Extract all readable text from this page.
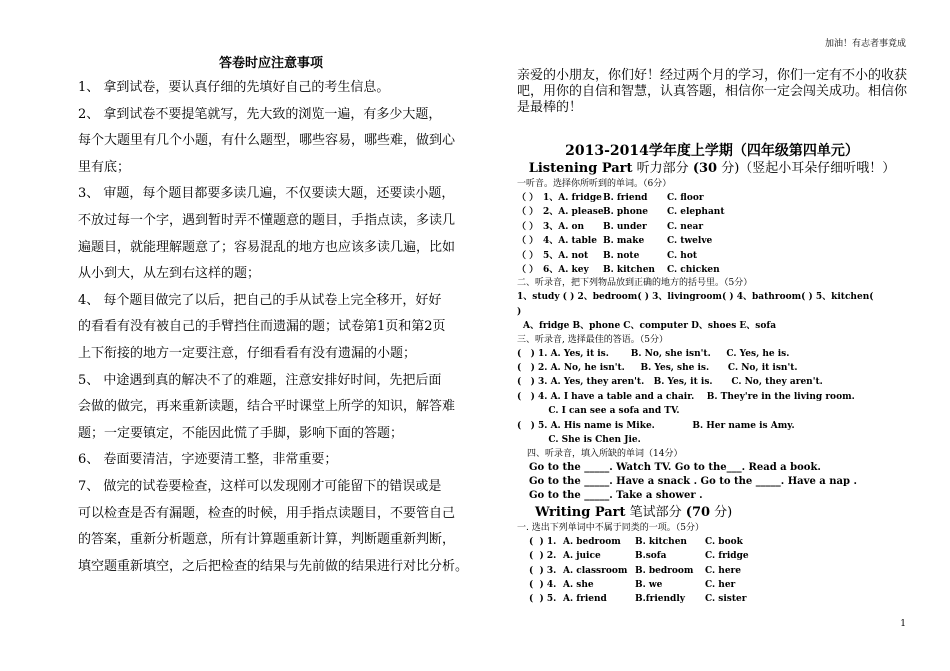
加油！有志者事竟成
1
答卷时应注意事项
1、 拿到试卷，要认真仔细的先填好自己的考生信息。
2、 拿到试卷不要提笔就写，先大致的浏览一遍，有多少大题，
每个大题里有几个小题，有什么题型，哪些容易，哪些难，做到心
里有底；
3、 审题，每个题目都要多读几遍，不仅要读大题，还要读小题，
不放过每一个字，遇到暂时弄不懂题意的题目，手指点读，多读几
遍题目，就能理解题意了；容易混乱的地方也应该多读几遍，比如
从小到大，从左到右这样的题；
4、 每个题目做完了以后，把自己的手从试卷上完全移开，好好
的看看有没有被自己的手臂挡住而遗漏的题；试卷第1页和第2页
上下衔接的地方一定要注意，仔细看看有没有遗漏的小题；
5、 中途遇到真的解决不了的难题，注意安排好时间，先把后面
会做的做完，再来重新读题，结合平时课堂上所学的知识，解答难
题；一定要镇定，不能因此慌了手脚，影响下面的答题；
6、 卷面要清洁，字迹要清工整，非常重要；
7、 做完的试卷要检查，这样可以发现刚才可能留下的错误或是
可以检查是否有漏题，检查的时候，用手指点读题目，不要管自己
的答案，重新分析题意，所有计算题重新计算，判断题重新判断，
填空题重新填空，之后把检查的结果与先前做的结果进行对比分析。
亲爱的小朋友，你们好！经过两个月的学习，你们一定有不小的收获吧，用你的自信和智慧，认真答题，相信你一定会闯关成功。相信你是最棒的！
2013-2014学年度上学期（四年级第四单元）
Listening Part 听力部分 (30 分)（竖起小耳朵仔细听哦！）
一听音。选择你所听到的单词。（6分）
（ ） 1、A. fridgeB. friend C. floor
（ ） 2、A. pleaseB. phone C. elephant
（ ） 3、A. on B. under C. near
（ ） 4、A. table B. make	C. twelve
（ ） 5、A. not B. note	C. hot
（ ） 6、A. key B. kitchen C. chicken
二、听录音，把下列物品放到正确的地方的括号里。（5分）
1、study ( ) 2、bedroom( ) 3、livingroom( ) 4、bathroom( ) 5、kitchen(
)
A、fridge B、phone C、computer D、shoes E、sofa
三、听录音, 选择最佳的答语。（5分）
(   ) 1. A. Yes, it is.       B. No, she isn't.     C. Yes, he is.
(   ) 2. A. No, he isn't.     B. Yes, she is.      C. No, it isn't.
(   ) 3. A. Yes, they aren't.   B. Yes, it is.      C. No, they aren't.
(   ) 4. A. I have a table and a chair.    B. They're in the living room.
C. I can see a sofa and TV.
(   ) 5. A. His name is Mike.            B. Her name is Amy.
C. She is Chen Jie.
四、听录音，填入所缺的单词（14分）
Go to the _____. Watch TV. Go to the___. Read a book.
Go to the _____. Have a snack . Go to the _____. Have a nap .
Go to the _____. Take a shower .
Writing Part 笔试部分 (70 分)
一. 选出下列单词中不属于同类的一项。（5分）
(  ) 1. A. bedroom B. kitchen C. book
(  ) 2. A. juice	B.sofa	C. fridge
(  ) 3. A. classroom B. bedroom C. here
(  ) 4. A. she	B. we	C. her
(  ) 5. A. friend	B.friendly C. sister
